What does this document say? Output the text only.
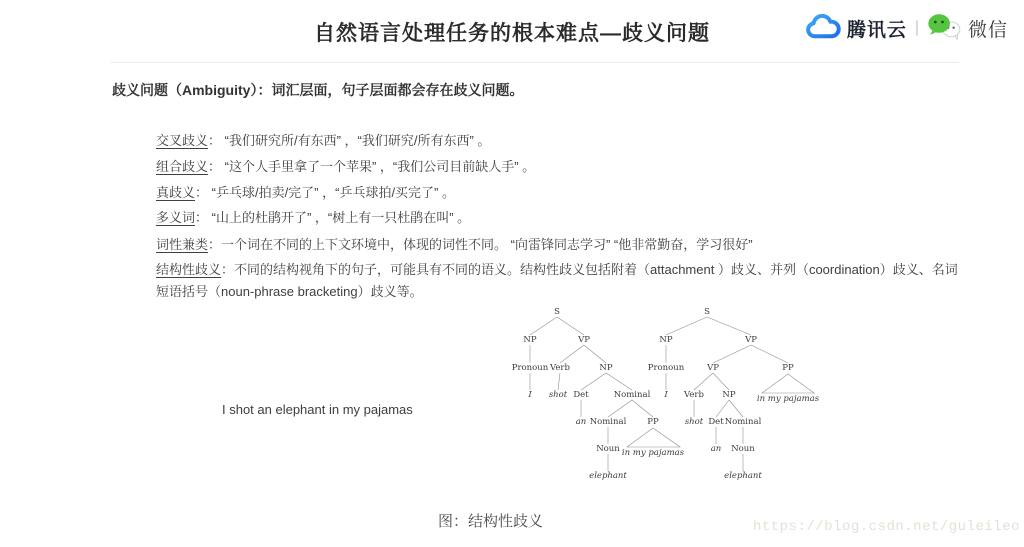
自然语言处理任务的根本难点—歧义问题	腾讯云 |	微信
歧义问题（Ambiguity）：词汇层面，句子层面都会存在歧义问题。
交叉歧义： “我们研究所/有东西” ，“我们研究/所有东西” 。
组合歧义： “这个人手里拿了一个苹果” ，“我们公司目前缺人手” 。
真歧义： “乒乓球/拍卖/完了” ，“乒乓球拍/买完了” 。
多义词： “山上的杜鹃开了” ，“树上有一只杜鹃在叫” 。
词性兼类：一个词在不同的上下文环境中，体现的词性不同。 “向雷锋同志学习” “他非常勤奋，学习很好”
结构性歧义：不同的结构视角下的句子，可能具有不同的语义。结构性歧义包括附着（attachment ）歧义、并列（coordination）歧义、名词短语括号（noun-phrase bracketing）歧义等。
I shot an elephant in my pajamas
S
NP	VP
Pronoun Verb	NP
I shot Det	Nominal
an Nominal PP
Noun
elephant
in my pajamas
S
NP	VP
Pronoun	VP	PP
I Verb NP	in my pajamas
shot Det Nominal
an Noun
elephant
图：结构性歧义	https://blog.csdn.net/guleileo
